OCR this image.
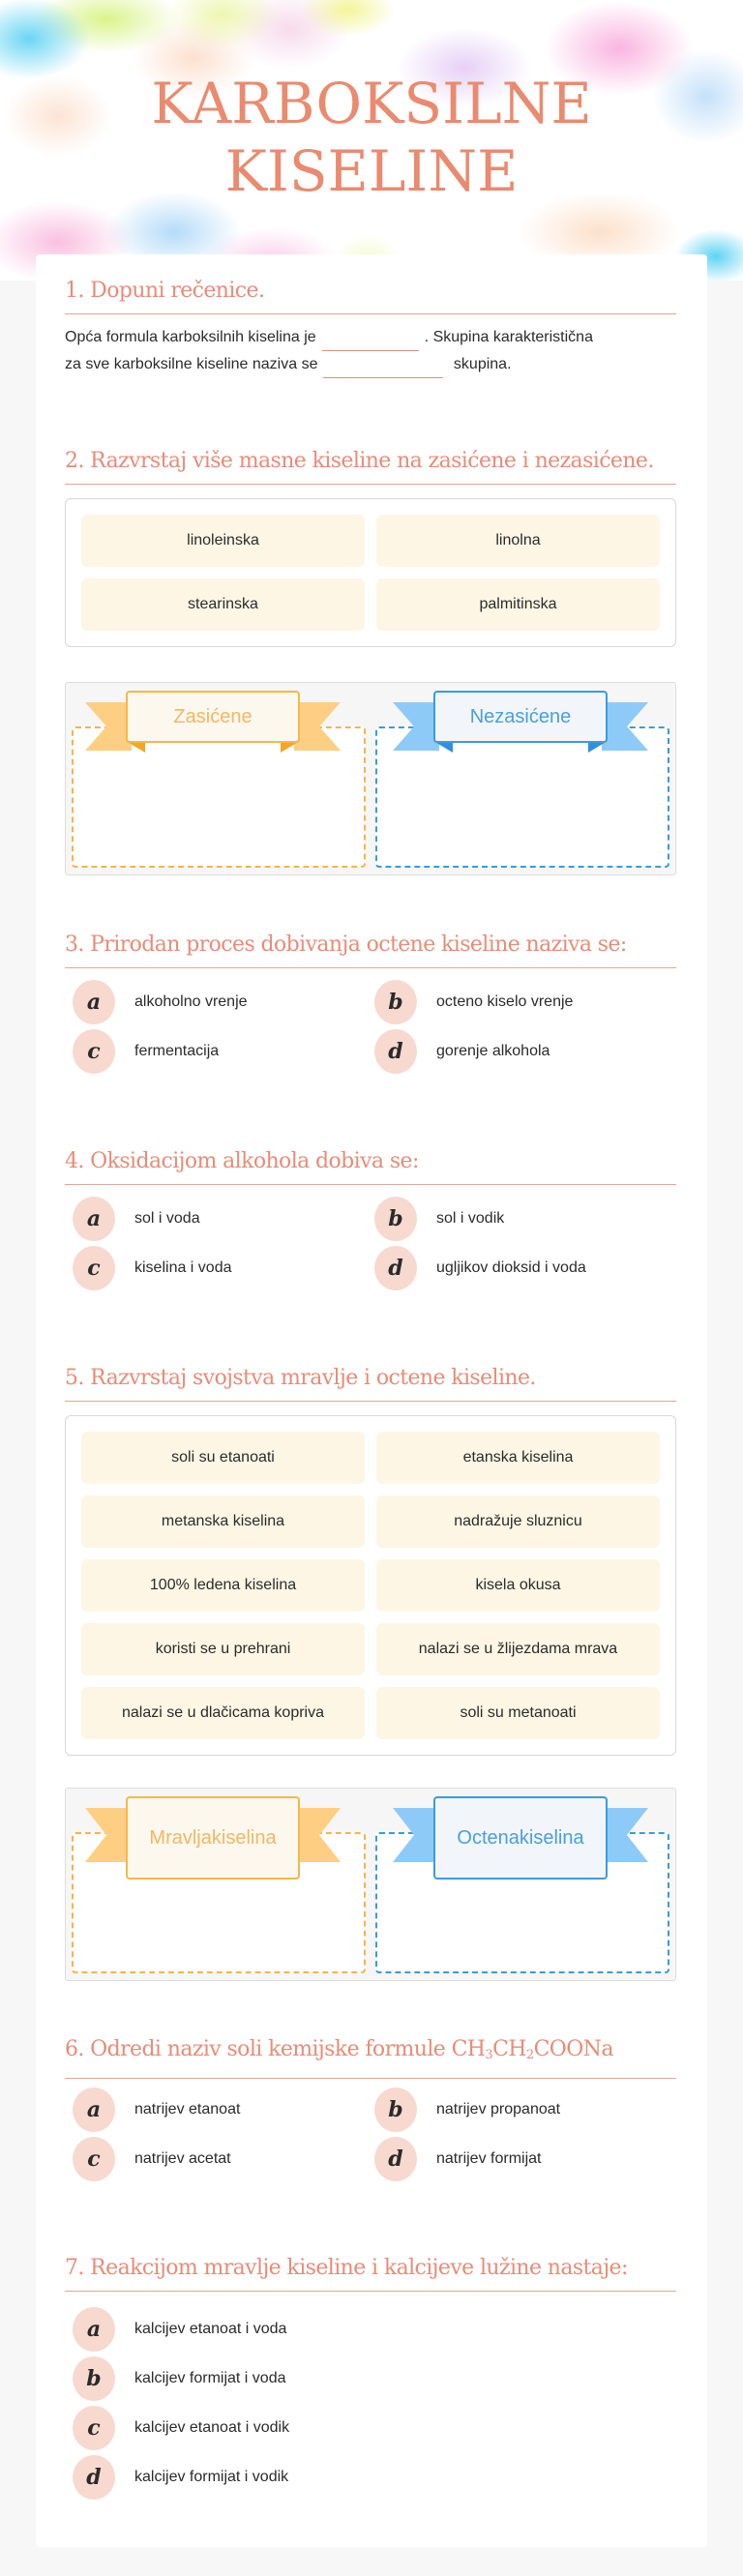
KARBOKSILNE
KISELINE
1. Dopuni rečenice.
Opća formula karboksilnih kiselina je	. Skupina karakteristična
za sve karboksilne kiseline naziva se	skupina.
2. Razvrstaj više masne kiseline na zasićene i nezasićene.
linoleinska	linolna
stearinska	palmitinska
Zasićene	Nezasićene
3. Prirodan proces dobivanja octene kiseline naziva se:
a	alkoholno vrenje	b	octeno kiselo vrenje
c	fermentacija	d	gorenje alkohola
4. Oksidacijom alkohola dobiva se:
a	sol i voda	b	sol i vodik
c	kiselina i voda	d	ugljikov dioksid i voda
5. Razvrstaj svojstva mravlje i octene kiseline.
soli su etanoati	etanska kiselina
metanska kiselina	nadražuje sluznicu
100% ledena kiselina	kisela okusa
koristi se u prehrani	nalazi se u žlijezdama mrava
nalazi se u dlačicama kopriva	soli su metanoati
Mravlja kiselina	Octena kiselina
6. Odredi naziv soli kemijske formule $CH_3CH_2COONa$
a	natrijev etanoat	b	natrijev propanoat
c	natrijev acetat	d	natrijev formijat
7. Reakcijom mravlje kiseline i kalcijeve lužine nastaje:
a	kalcijev etanoat i voda
b	kalcijev formijat i voda
c	kalcijev etanoat i vodik
d	kalcijev formijat i vodik
